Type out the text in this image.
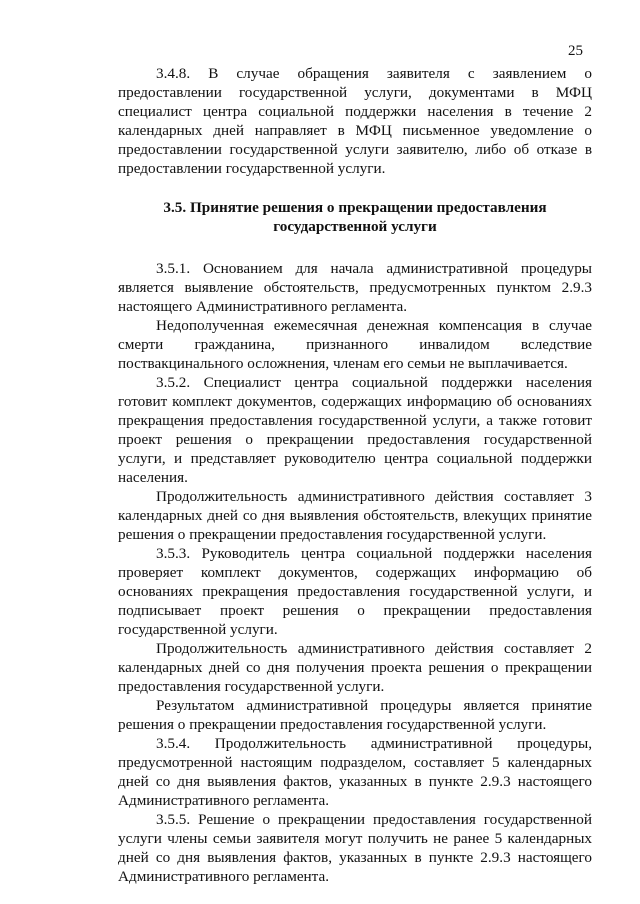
25

3.4.8. В случае обращения заявителя с заявлением о предоставлении государственной услуги, документами в МФЦ специалист центра социальной поддержки населения в течение 2 календарных дней направляет в МФЦ письменное уведомление о предоставлении государственной услуги заявителю, либо об отказе в предоставлении государственной услуги.

3.5. Принятие решения о прекращении предоставления
государственной услуги

3.5.1. Основанием для начала административной процедуры является выявление обстоятельств, предусмотренных пунктом 2.9.3 настоящего Административного регламента.

Недополученная ежемесячная денежная компенсация в случае смерти гражданина, признанного инвалидом вследствие поствакцинального осложнения, членам его семьи не выплачивается.

3.5.2. Специалист центра социальной поддержки населения готовит комплект документов, содержащих информацию об основаниях прекращения предоставления государственной услуги, а также готовит проект решения о прекращении предоставления государственной услуги, и представляет руководителю центра социальной поддержки населения.

Продолжительность административного действия составляет 3 календарных дней со дня выявления обстоятельств, влекущих принятие решения о прекращении предоставления государственной услуги.

3.5.3. Руководитель центра социальной поддержки населения проверяет комплект документов, содержащих информацию об основаниях прекращения предоставления государственной услуги, и подписывает проект решения о прекращении предоставления государственной услуги.

Продолжительность административного действия составляет 2 календарных дней со дня получения проекта решения о прекращении предоставления государственной услуги.

Результатом административной процедуры является принятие решения о прекращении предоставления государственной услуги.

3.5.4. Продолжительность административной процедуры, предусмотренной настоящим подразделом, составляет 5 календарных дней со дня выявления фактов, указанных в пункте 2.9.3 настоящего Административного регламента.

3.5.5. Решение о прекращении предоставления государственной услуги члены семьи заявителя могут получить не ранее 5 календарных дней со дня выявления фактов, указанных в пункте 2.9.3 настоящего Административного регламента.
